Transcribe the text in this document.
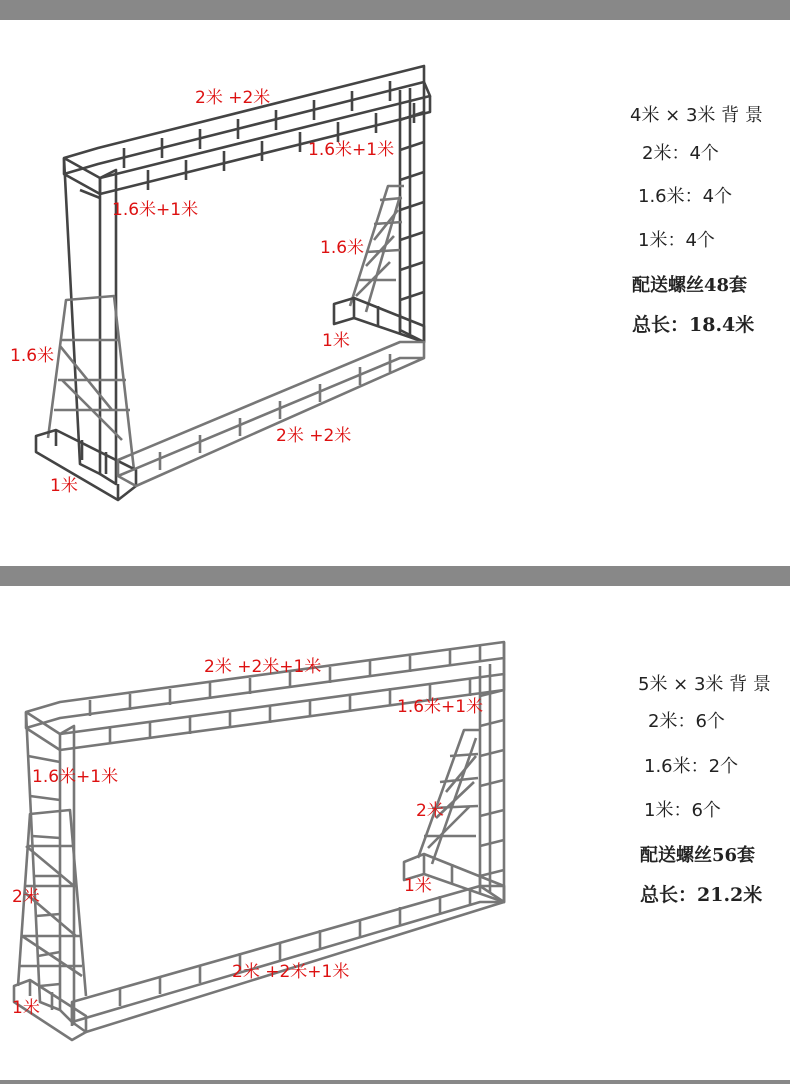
2米 +2米
1.6米+1米
1.6米+1米
1.6米
1.6米
1米
2米 +2米
1米
4米 × 3米 背 景
2米：4个
1.6米：4个
1米：4个
配送螺丝48套
总长：18.4米
2米 +2米+1米
1.6米+1米
1.6米+1米
2米
2米
1米
2米 +2米+1米
1米
5米 × 3米 背 景
2米：6个
1.6米：2个
1米：6个
配送螺丝56套
总长：21.2米
